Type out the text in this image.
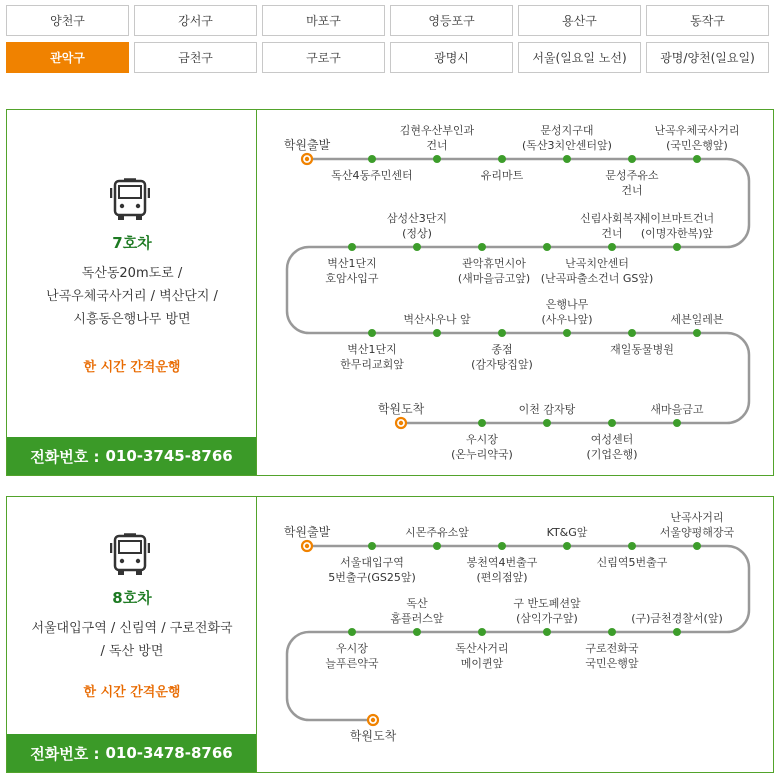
양천구	강서구	마포구	영등포구	용산구	동작구
관악구	금천구	구로구	광명시	서울(일요일 노선)	광명/양천(일요일)
7호차
독산동20m도로 /
난곡우체국사거리 / 벽산단지 /
시흥동은행나무 방면
한 시간 간격운행
전화번호 : 010-3745-8766
학원출발
독산4동주민센터
김현우산부인과
건너
유리마트
문성지구대
(독산3치안센터앞)
문성주유소
건너
난곡우체국사거리
(국민은행앞)
세이브마트건너
(이명자한복)앞
신림사회복지
건너
난곡치안센터
(난곡파출소건너 GS앞)
관악휴먼시아
(새마을금고앞)
삼성산3단지
(정상)
벽산1단지
호암사입구
벽산1단지
한무리교회앞
벽산사우나 앞
종점
(감자탕집앞)
은행나무
(사우나앞)
재일동물병원
세븐일레븐
새마을금고
여성센터
(기업은행)
이천 감자탕
우시장
(온누리약국)
학원도착
8호차
서울대입구역 / 신림역 / 구로전화국
/ 독산 방면
한 시간 간격운행
전화번호 : 010-3478-8766
학원출발
서울대입구역
5번출구(GS25앞)
시몬주유소앞
봉천역4번출구
(편의점앞)
KT&G앞
신림역5번출구
난곡사거리
서울양평해장국
(구)금천경찰서(앞)
구 반도페션앞
(삼익가구앞)
구로전화국
국민은행앞
독산사거리
메이퀸앞
독산
홈플러스앞
우시장
늘푸른약국
학원도착
